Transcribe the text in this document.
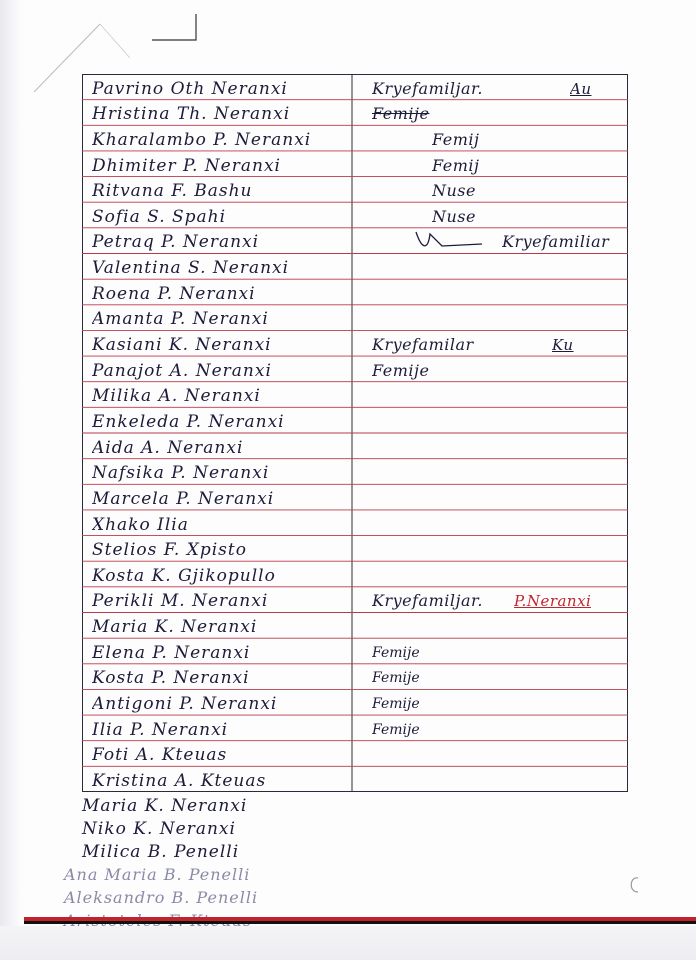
Pavrino Oth Neranxi	Kryefamiljar.	Au
Hristina Th. Neranxi	Femije
Kharalambo P. Neranxi	Femij
Dhimiter P. Neranxi	Femij
Ritvana F. Bashu	Nuse
Sofia S. Spahi	Nuse
Petraq P. Neranxi	Kryefamiliar
Valentina S. Neranxi
Roena P. Neranxi
Amanta P. Neranxi
Kasiani K. Neranxi	Kryefamilar	Ku
Panajot A. Neranxi	Femije
Milika A. Neranxi
Enkeleda P. Neranxi
Aida A. Neranxi
Nafsika P. Neranxi
Marcela P. Neranxi
Xhako Ilia
Stelios F. Xpisto
Kosta K. Gjikopullo
Perikli M. Neranxi	Kryefamiljar.	P.Neranxi
Maria K. Neranxi
Elena P. Neranxi	Femije
Kosta P. Neranxi	Femije
Antigoni P. Neranxi	Femije
Ilia P. Neranxi	Femije
Foti A. Kteuas
Kristina A. Kteuas
Maria K. Neranxi
Niko K. Neranxi
Milica B. Penelli
Ana Maria B. Penelli
Aleksandro B. Penelli
